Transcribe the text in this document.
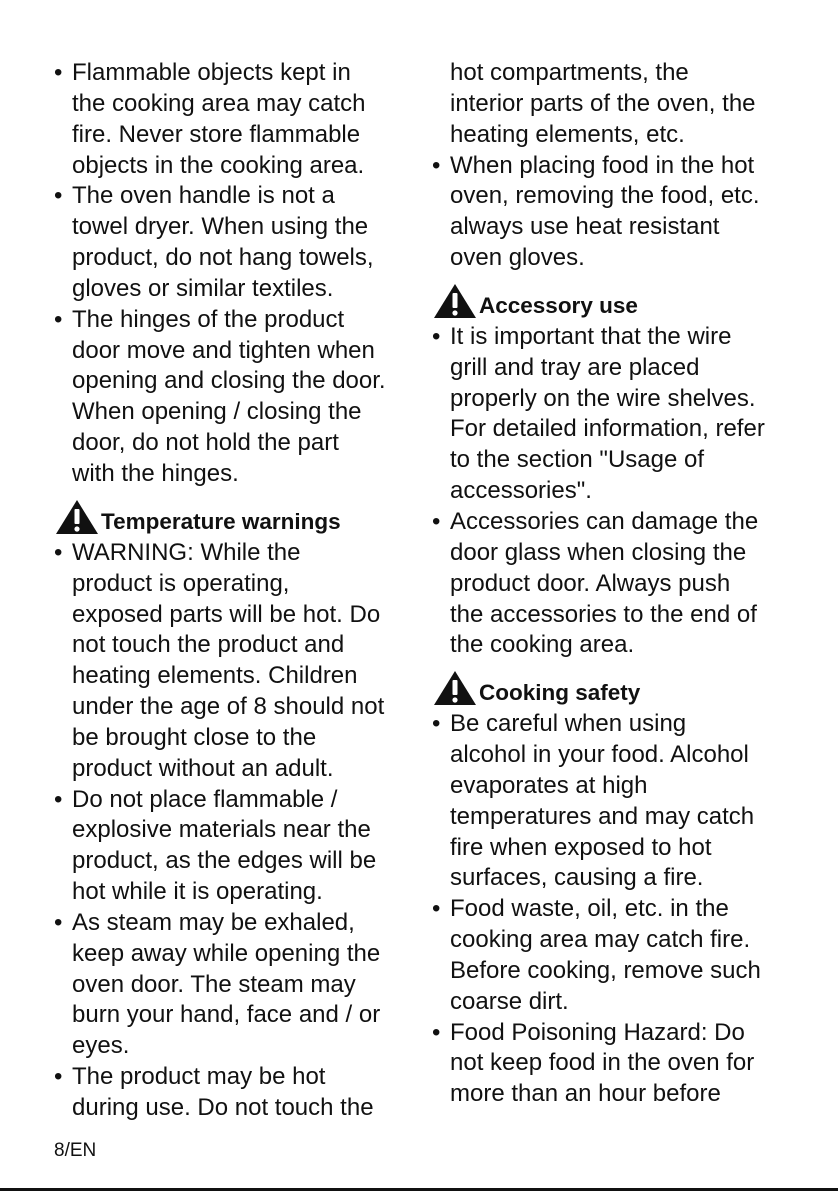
• Flammable objects kept in
the cooking area may catch
fire. Never store flammable
objects in the cooking area.
• The oven handle is not a
towel dryer. When using the
product, do not hang towels,
gloves or similar textiles.
• The hinges of the product
door move and tighten when
opening and closing the door.
When opening / closing the
door, do not hold the part
with the hinges.
Temperature warnings
• WARNING: While the
product is operating,
exposed parts will be hot. Do
not touch the product and
heating elements. Children
under the age of 8 should not
be brought close to the
product without an adult.
• Do not place flammable /
explosive materials near the
product, as the edges will be
hot while it is operating.
• As steam may be exhaled,
keep away while opening the
oven door. The steam may
burn your hand, face and / or
eyes.
• The product may be hot
during use. Do not touch the
hot compartments, the
interior parts of the oven, the
heating elements, etc.
• When placing food in the hot
oven, removing the food, etc.
always use heat resistant
oven gloves.
Accessory use
• It is important that the wire
grill and tray are placed
properly on the wire shelves.
For detailed information, refer
to the section "Usage of
accessories".
• Accessories can damage the
door glass when closing the
product door. Always push
the accessories to the end of
the cooking area.
Cooking safety
• Be careful when using
alcohol in your food. Alcohol
evaporates at high
temperatures and may catch
fire when exposed to hot
surfaces, causing a fire.
• Food waste, oil, etc. in the
cooking area may catch fire.
Before cooking, remove such
coarse dirt.
• Food Poisoning Hazard: Do
not keep food in the oven for
more than an hour before
8/EN
